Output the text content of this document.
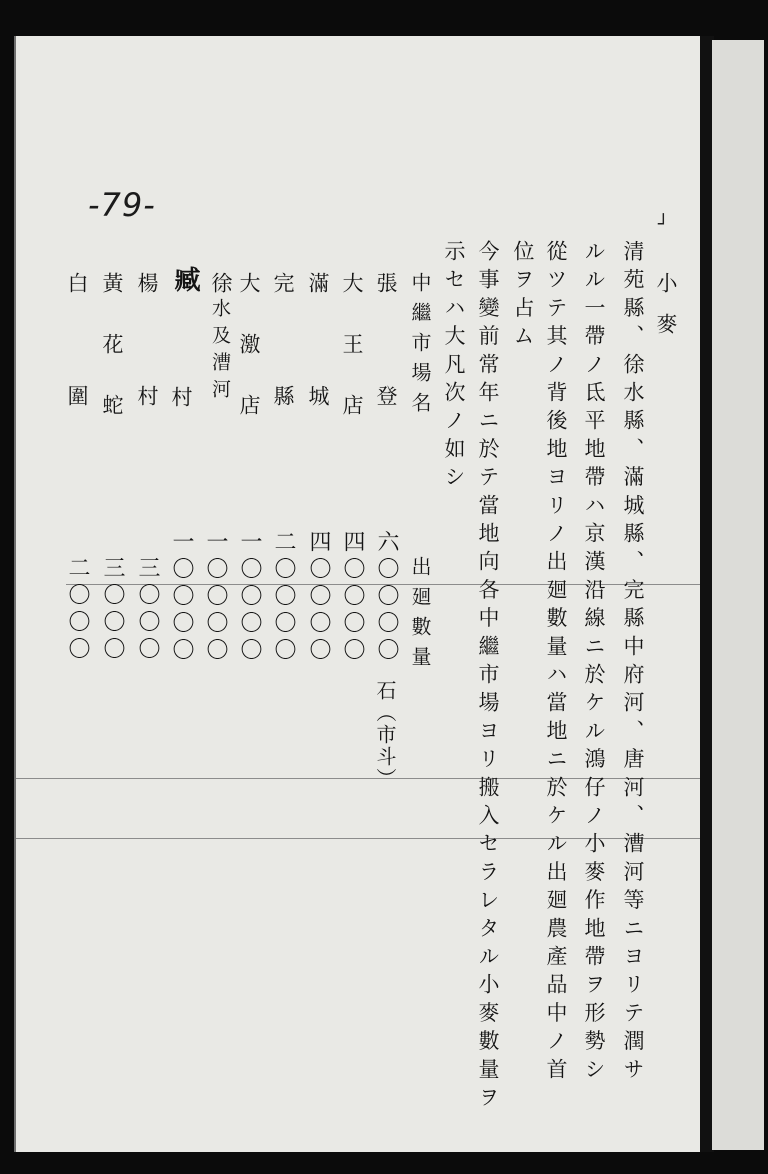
-79-
┘
小麥
清苑縣、徐水縣、滿城縣、完縣中府河、唐河、漕河等ニヨリテ潤サ
ルル一帶ノ氐平地帶ハ京漢沿線ニ於ケル鴻仔ノ小麥作地帶ヲ形勢シ
從ツテ其ノ背後地ヨリノ出廻數量ハ當地ニ於ケル出廻農產品中ノ首
位ヲ占ム
今事變前常年ニ於テ當地向各中繼市場ヨリ搬入セラレタル小麥數量ヲ
示セハ大凡次ノ如シ
中繼市場名
出廻數量
石（市斗）
張登
六〇〇〇〇
大王店
四〇〇〇〇
滿城
四〇〇〇〇
完縣
二〇〇〇〇
大激店
一〇〇〇〇
徐
水及漕河
一〇〇〇〇
臧
村
一〇〇〇〇
楊村
三〇〇〇
黃花蛇
三〇〇〇
白圍
二〇〇〇
